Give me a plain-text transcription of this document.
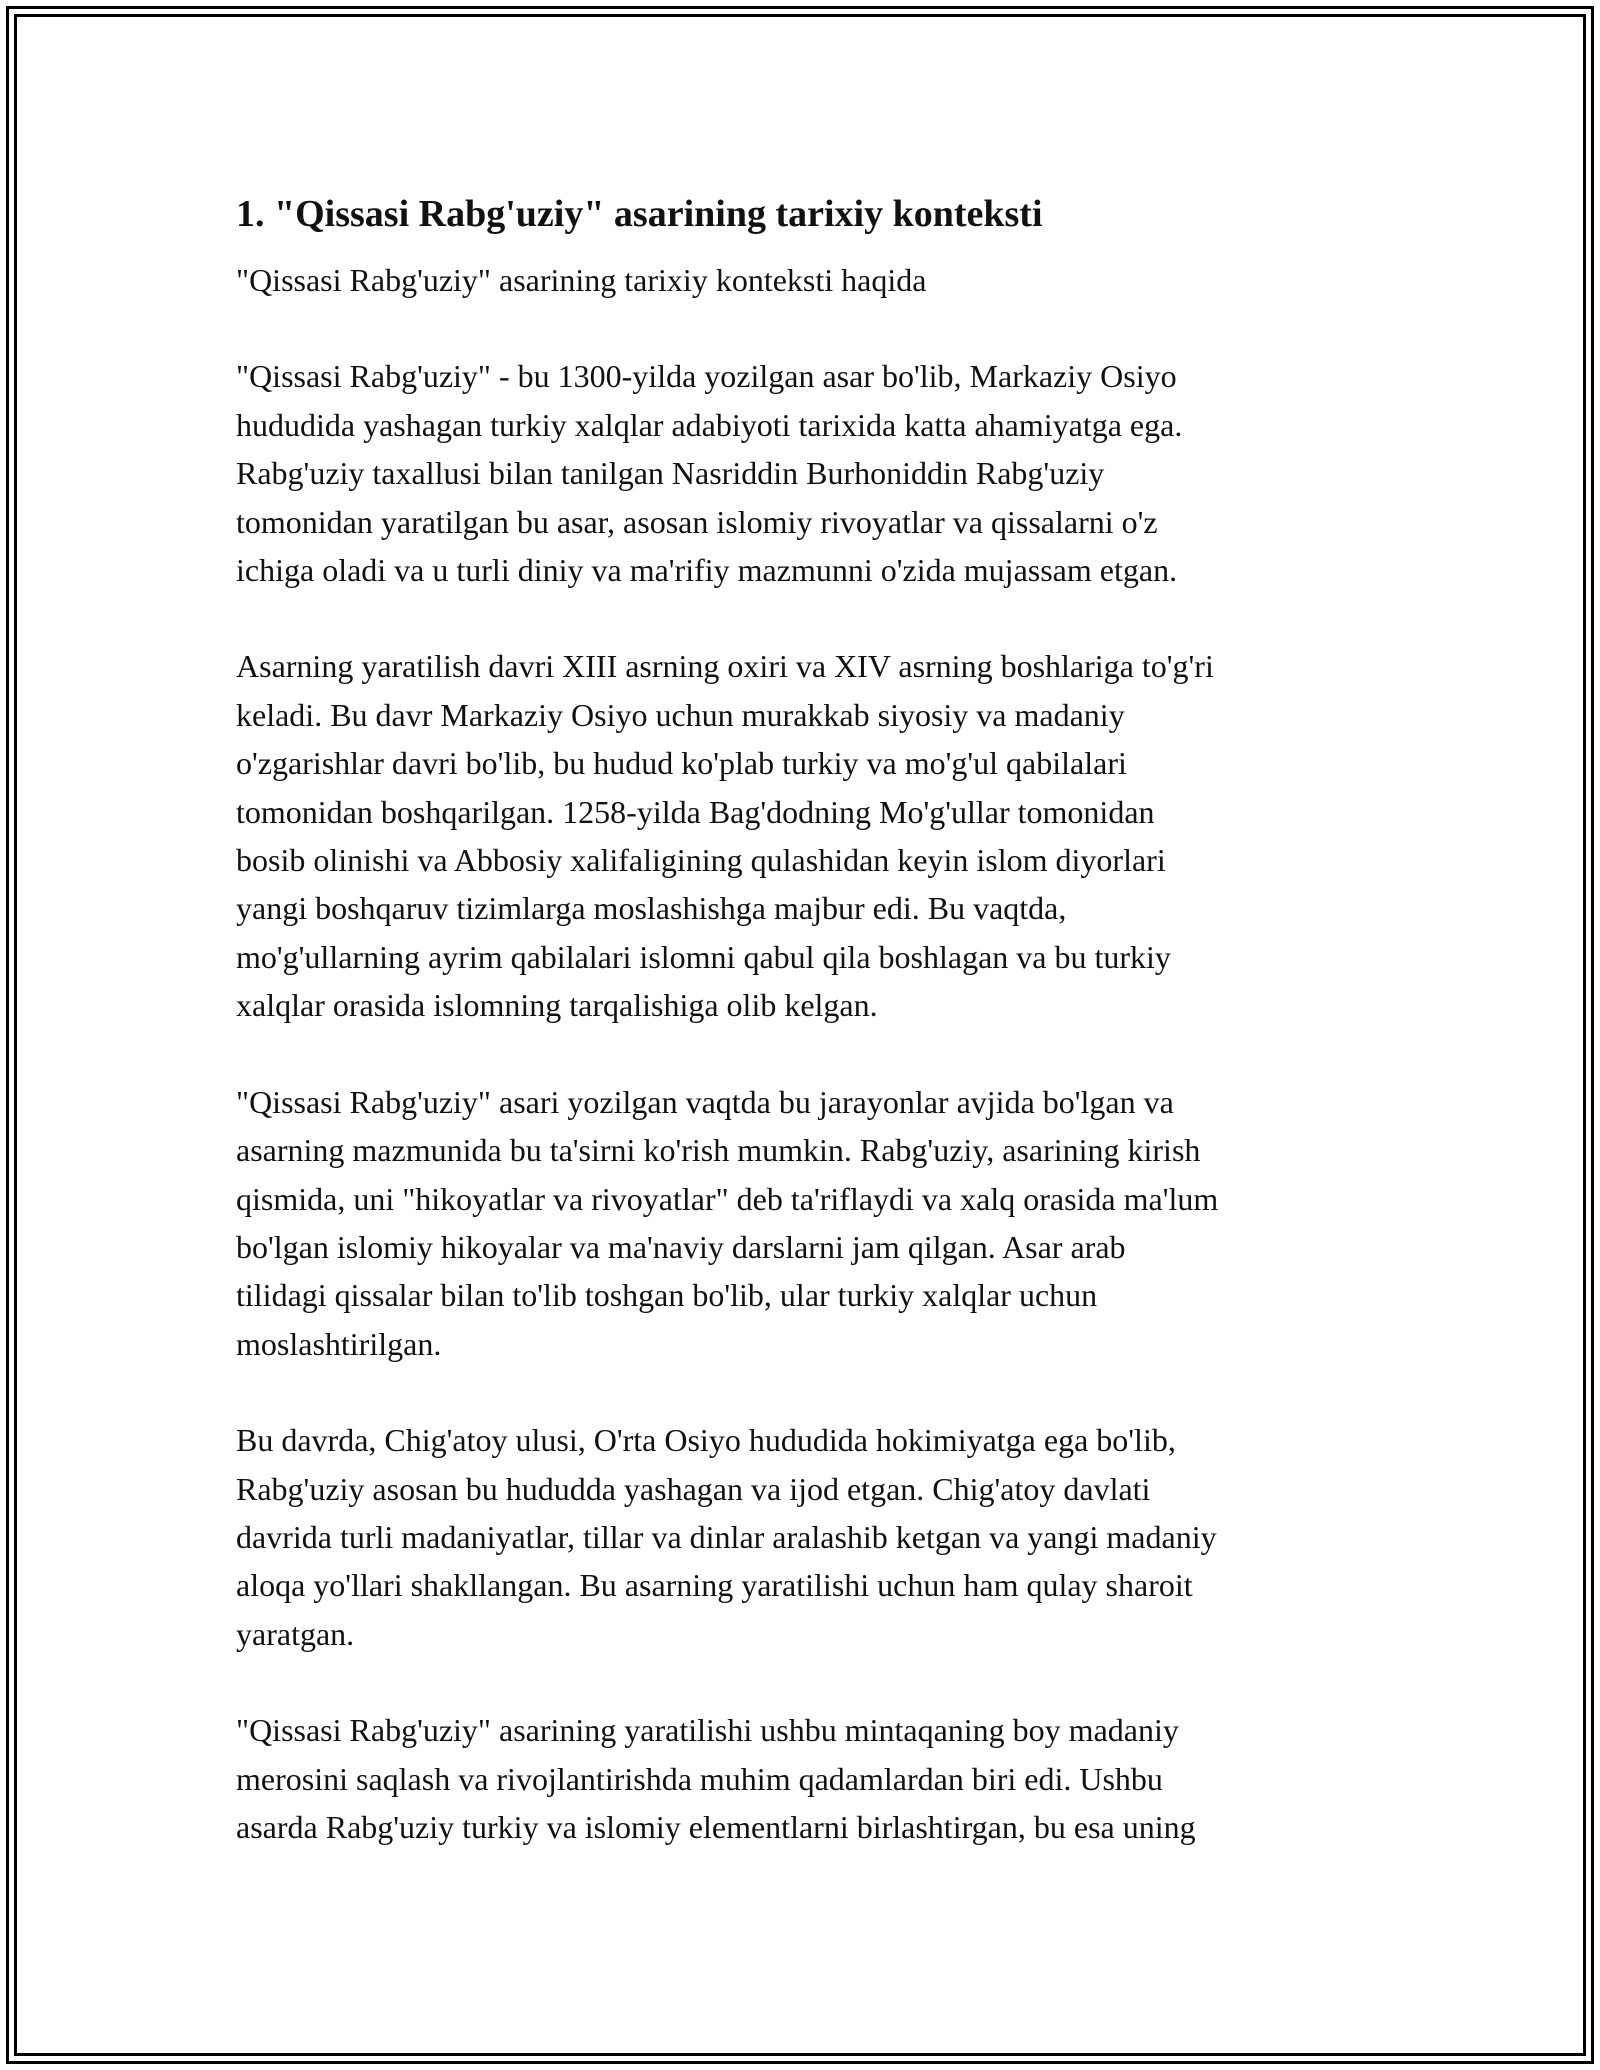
1. "Qissasi Rabg'uziy" asarining tarixiy konteksti

"Qissasi Rabg'uziy" asarining tarixiy konteksti haqida

"Qissasi Rabg'uziy" - bu 1300-yilda yozilgan asar bo'lib, Markaziy Osiyo
hududida yashagan turkiy xalqlar adabiyoti tarixida katta ahamiyatga ega.
Rabg'uziy taxallusi bilan tanilgan Nasriddin Burhoniddin Rabg'uziy
tomonidan yaratilgan bu asar, asosan islomiy rivoyatlar va qissalarni o'z
ichiga oladi va u turli diniy va ma'rifiy mazmunni o'zida mujassam etgan.

Asarning yaratilish davri XIII asrning oxiri va XIV asrning boshlariga to'g'ri
keladi. Bu davr Markaziy Osiyo uchun murakkab siyosiy va madaniy
o'zgarishlar davri bo'lib, bu hudud ko'plab turkiy va mo'g'ul qabilalari
tomonidan boshqarilgan. 1258-yilda Bag'dodning Mo'g'ullar tomonidan
bosib olinishi va Abbosiy xalifaligining qulashidan keyin islom diyorlari
yangi boshqaruv tizimlarga moslashishga majbur edi. Bu vaqtda,
mo'g'ullarning ayrim qabilalari islomni qabul qila boshlagan va bu turkiy
xalqlar orasida islomning tarqalishiga olib kelgan.

"Qissasi Rabg'uziy" asari yozilgan vaqtda bu jarayonlar avjida bo'lgan va
asarning mazmunida bu ta'sirni ko'rish mumkin. Rabg'uziy, asarining kirish
qismida, uni "hikoyatlar va rivoyatlar" deb ta'riflaydi va xalq orasida ma'lum
bo'lgan islomiy hikoyalar va ma'naviy darslarni jam qilgan. Asar arab
tilidagi qissalar bilan to'lib toshgan bo'lib, ular turkiy xalqlar uchun
moslashtirilgan.

Bu davrda, Chig'atoy ulusi, O'rta Osiyo hududida hokimiyatga ega bo'lib,
Rabg'uziy asosan bu hududda yashagan va ijod etgan. Chig'atoy davlati
davrida turli madaniyatlar, tillar va dinlar aralashib ketgan va yangi madaniy
aloqa yo'llari shakllangan. Bu asarning yaratilishi uchun ham qulay sharoit
yaratgan.

"Qissasi Rabg'uziy" asarining yaratilishi ushbu mintaqaning boy madaniy
merosini saqlash va rivojlantirishda muhim qadamlardan biri edi. Ushbu
asarda Rabg'uziy turkiy va islomiy elementlarni birlashtirgan, bu esa uning
